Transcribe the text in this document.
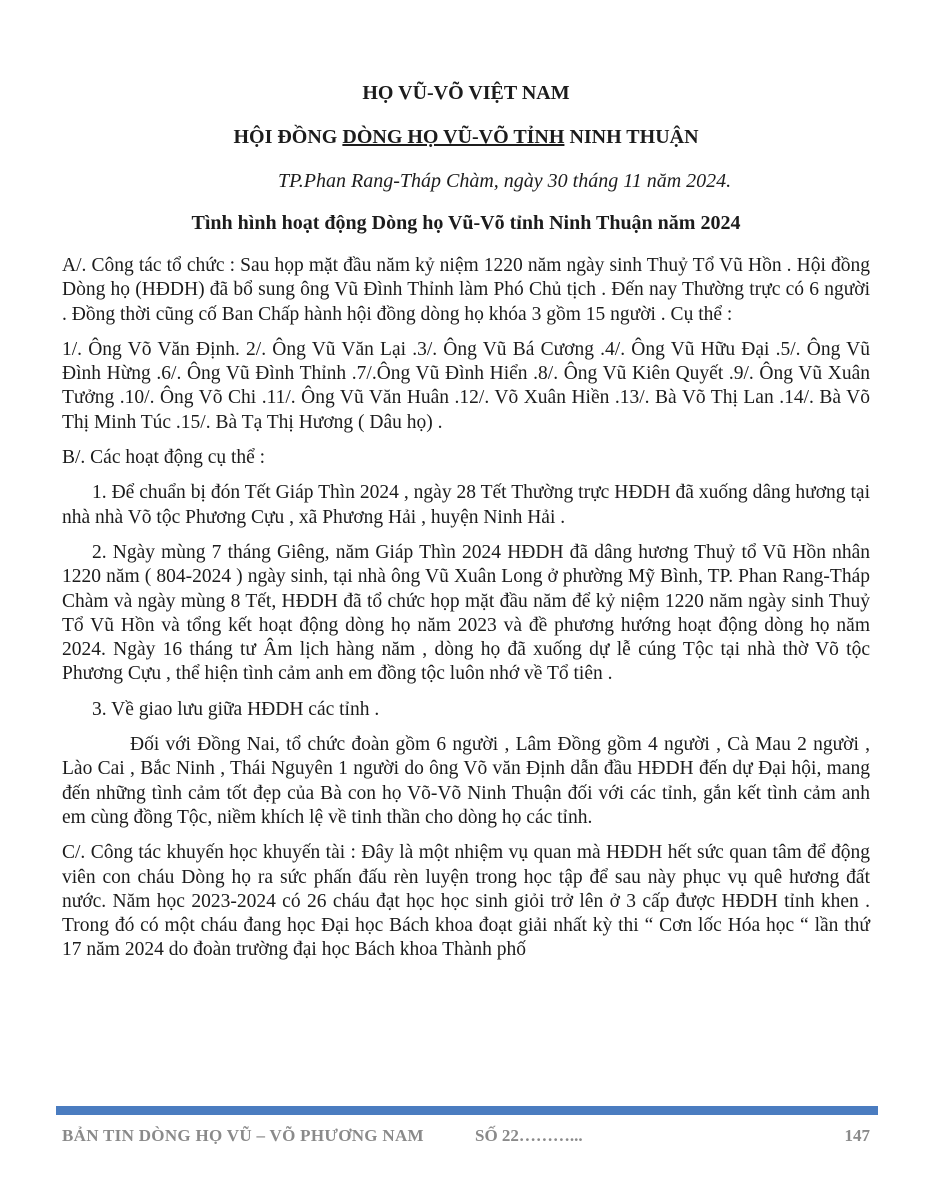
HỌ VŨ-VÕ VIỆT NAM
HỘI ĐỒNG DÒNG HỌ VŨ-VÕ TỈNH NINH THUẬN
TP.Phan Rang-Tháp Chàm, ngày 30 tháng 11 năm 2024.
Tình hình hoạt động Dòng họ Vũ-Võ tỉnh Ninh Thuận năm 2024

A/. Công tác tổ chức : Sau họp mặt đầu năm kỷ niệm 1220 năm ngày sinh Thuỷ Tổ Vũ Hồn . Hội đồng Dòng họ (HĐDH) đã bổ sung ông Vũ Đình Thỉnh làm Phó Chủ tịch . Đến nay Thường trực có 6 người . Đồng thời cũng cố Ban Chấp hành hội đồng dòng họ khóa 3 gồm 15 người . Cụ thể :

1/. Ông Võ Văn Định. 2/. Ông Vũ Văn Lại .3/. Ông Vũ Bá Cương .4/. Ông Vũ Hữu Đại .5/. Ông Vũ Đình Hừng .6/. Ông Vũ Đình Thỉnh .7/.Ông Vũ Đình Hiển .8/. Ông Vũ Kiên Quyết .9/. Ông Vũ Xuân Tưởng .10/. Ông Võ Chi .11/. Ông Vũ Văn Huân .12/. Võ Xuân Hiền .13/. Bà Võ Thị Lan .14/. Bà Võ Thị Minh Túc .15/. Bà Tạ Thị Hương ( Dâu họ) .

B/. Các hoạt động cụ thể :

1. Để chuẩn bị đón Tết Giáp Thìn 2024 , ngày 28 Tết Thường trực HĐDH đã xuống dâng hương tại nhà nhà Võ tộc Phương Cựu , xã Phương Hải , huyện Ninh Hải .

2. Ngày mùng 7 tháng Giêng, năm Giáp Thìn 2024 HĐDH đã dâng hương Thuỷ tổ Vũ Hồn nhân 1220 năm ( 804-2024 ) ngày sinh, tại nhà ông Vũ Xuân Long ở phường Mỹ Bình, TP. Phan Rang-Tháp Chàm và ngày mùng 8 Tết, HĐDH đã tổ chức họp mặt đầu năm để kỷ niệm 1220 năm ngày sinh Thuỷ Tổ Vũ Hồn và tổng kết hoạt động dòng họ năm 2023 và đề phương hướng hoạt động dòng họ năm 2024. Ngày 16 tháng tư Âm lịch hàng năm , dòng họ đã xuống dự lễ cúng Tộc tại nhà thờ Võ tộc Phương Cựu , thể hiện tình cảm anh em đồng tộc luôn nhớ về Tổ tiên .

3. Về giao lưu giữa HĐDH các tỉnh .

Đối với Đồng Nai, tổ chức đoàn gồm 6 người , Lâm Đồng gồm 4 người , Cà Mau 2 người , Lào Cai , Bắc Ninh , Thái Nguyên 1 người do ông Võ văn Định dẫn đầu HĐDH đến dự Đại hội, mang đến những tình cảm tốt đẹp của Bà con họ Võ-Võ Ninh Thuận đối với các tỉnh, gắn kết tình cảm anh em cùng đồng Tộc, niềm khích lệ về tinh thần cho dòng họ các tỉnh.

C/. Công tác khuyến học khuyến tài : Đây là một nhiệm vụ quan mà HĐDH hết sức quan tâm để động viên con cháu Dòng họ ra sức phấn đấu rèn luyện trong học tập để sau này phục vụ quê hương đất nước. Năm học 2023-2024 có 26 cháu đạt học học sinh giỏi trở lên ở 3 cấp được HĐDH tỉnh khen . Trong đó có một cháu đang học Đại học Bách khoa đoạt giải nhất kỳ thi “ Cơn lốc Hóa học “ lần thứ 17 năm 2024 do đoàn trường đại học Bách khoa Thành phố

BẢN TIN DÒNG HỌ VŨ – VÕ PHƯƠNG NAM	SỐ 22………...	147
